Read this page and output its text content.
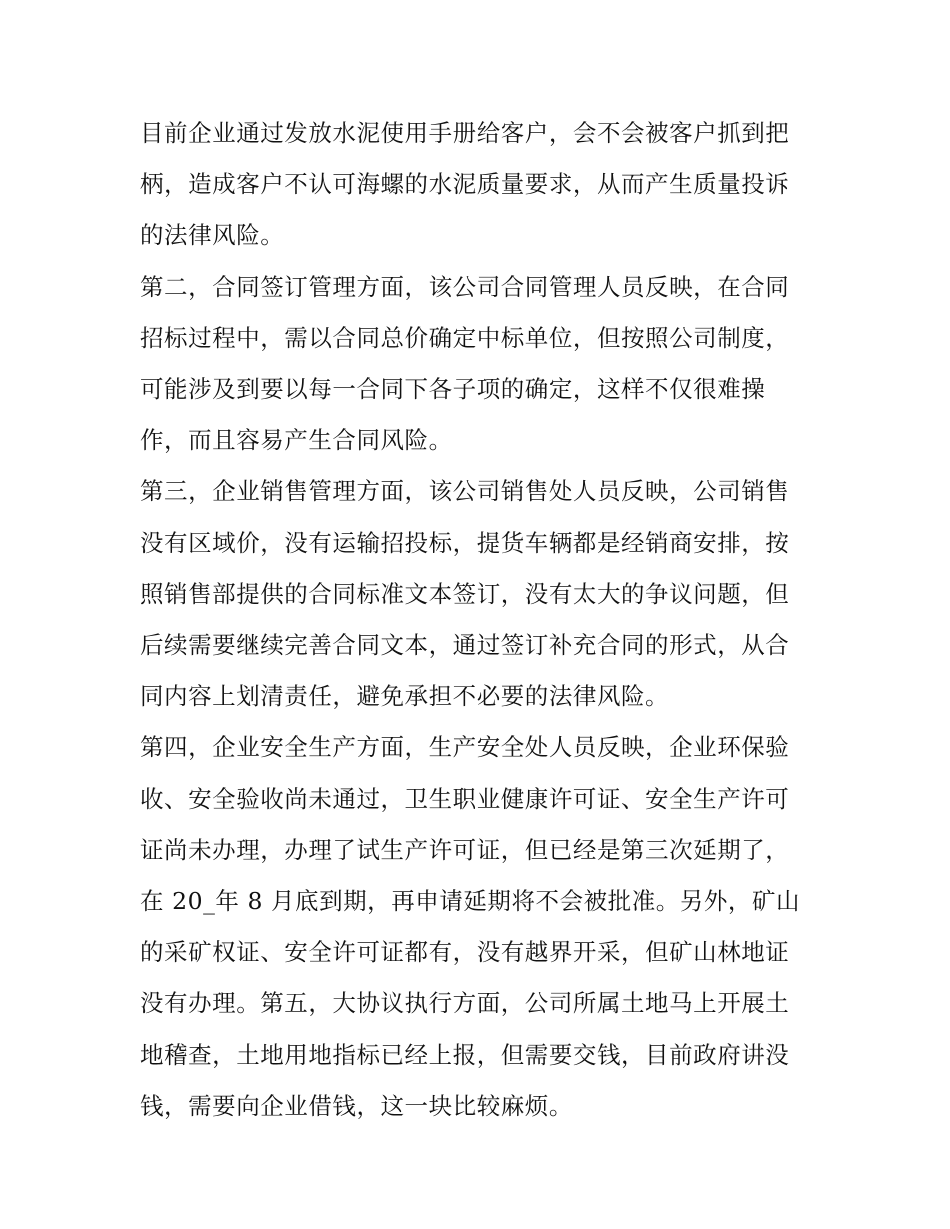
目前企业通过发放水泥使用手册给客户，会不会被客户抓到把
柄，造成客户不认可海螺的水泥质量要求，从而产生质量投诉
的法律风险。
第二，合同签订管理方面，该公司合同管理人员反映，在合同
招标过程中，需以合同总价确定中标单位，但按照公司制度，
可能涉及到要以每一合同下各子项的确定，这样不仅很难操
作，而且容易产生合同风险。
第三，企业销售管理方面，该公司销售处人员反映，公司销售
没有区域价，没有运输招投标，提货车辆都是经销商安排，按
照销售部提供的合同标准文本签订，没有太大的争议问题，但
后续需要继续完善合同文本，通过签订补充合同的形式，从合
同内容上划清责任，避免承担不必要的法律风险。
第四，企业安全生产方面，生产安全处人员反映，企业环保验
收、安全验收尚未通过，卫生职业健康许可证、安全生产许可
证尚未办理，办理了试生产许可证，但已经是第三次延期了，
在 20_年 8 月底到期，再申请延期将不会被批准。另外，矿山
的采矿权证、安全许可证都有，没有越界开采，但矿山林地证
没有办理。第五，大协议执行方面，公司所属土地马上开展土
地稽查，土地用地指标已经上报，但需要交钱，目前政府讲没
钱，需要向企业借钱，这一块比较麻烦。
